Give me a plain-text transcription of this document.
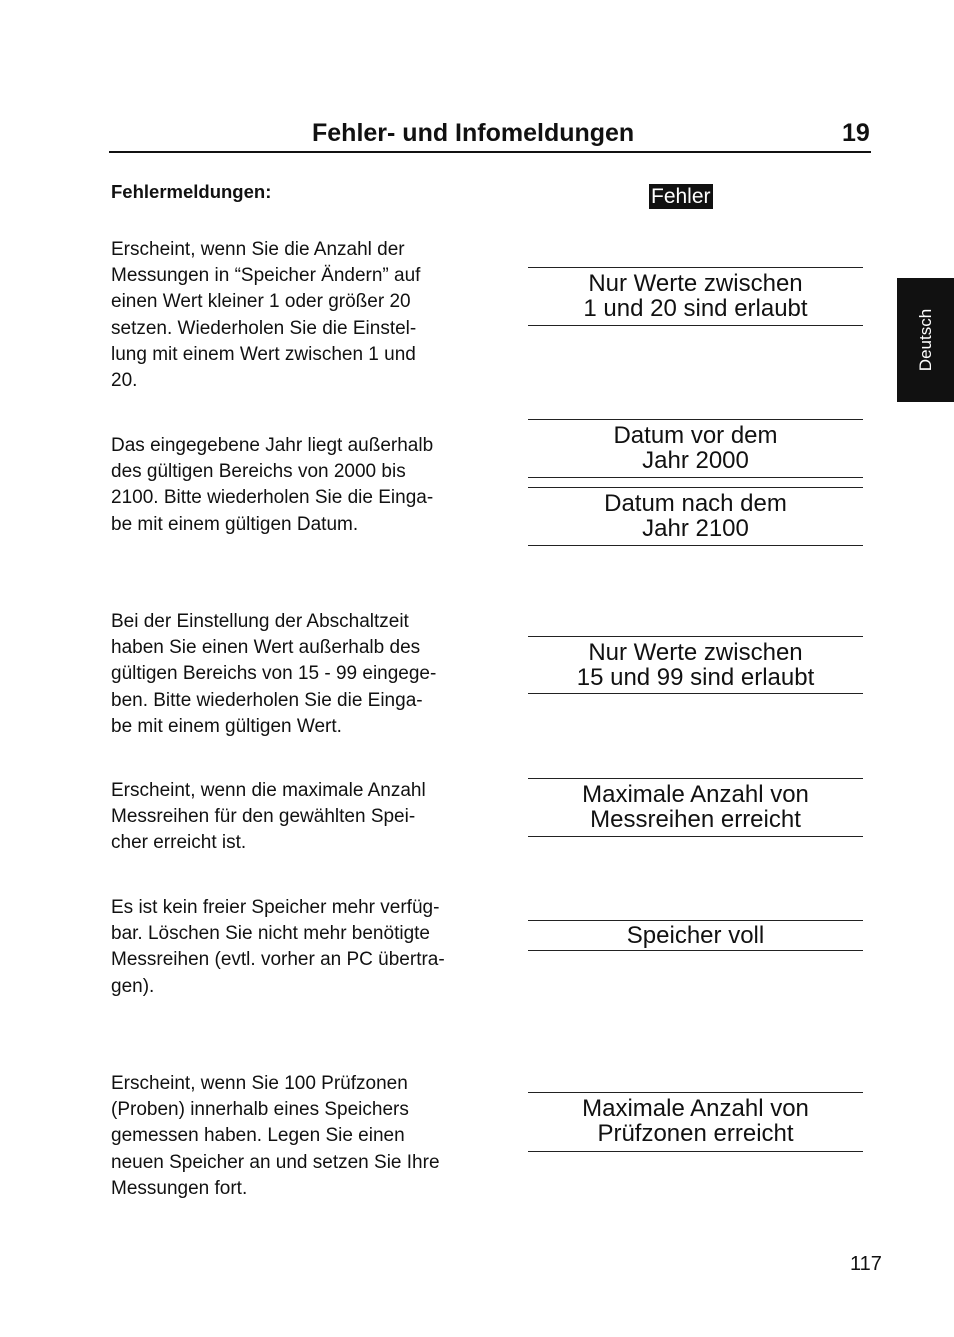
Fehler- und Infomeldungen	19
Fehlermeldungen:	Fehler
Deutsch
Erscheint, wenn Sie die Anzahl der
Messungen in “Speicher Ändern” auf
einen Wert kleiner 1 oder größer 20
setzen. Wiederholen Sie die Einstel-
lung mit einem Wert zwischen 1 und
20.
Nur Werte zwischen
1 und 20 sind erlaubt
Das eingegebene Jahr liegt außerhalb
des gültigen Bereichs von 2000 bis
2100. Bitte wiederholen Sie die Einga-
be mit einem gültigen Datum.
Datum vor dem
Jahr 2000
Datum nach dem
Jahr 2100
Bei der Einstellung der Abschaltzeit
haben Sie einen Wert außerhalb des
gültigen Bereichs von 15 - 99 eingege-
ben. Bitte wiederholen Sie die Einga-
be mit einem gültigen Wert.
Nur Werte zwischen
15 und 99 sind erlaubt
Erscheint, wenn die maximale Anzahl
Messreihen für den gewählten Spei-
cher erreicht ist.
Maximale Anzahl von
Messreihen erreicht
Es ist kein freier Speicher mehr verfüg-
bar. Löschen Sie nicht mehr benötigte
Messreihen (evtl. vorher an PC übertra-
gen).
Speicher voll
Erscheint, wenn Sie 100 Prüfzonen
(Proben) innerhalb eines Speichers
gemessen haben. Legen Sie einen
neuen Speicher an und setzen Sie Ihre
Messungen fort.
Maximale Anzahl von
Prüfzonen erreicht
117
